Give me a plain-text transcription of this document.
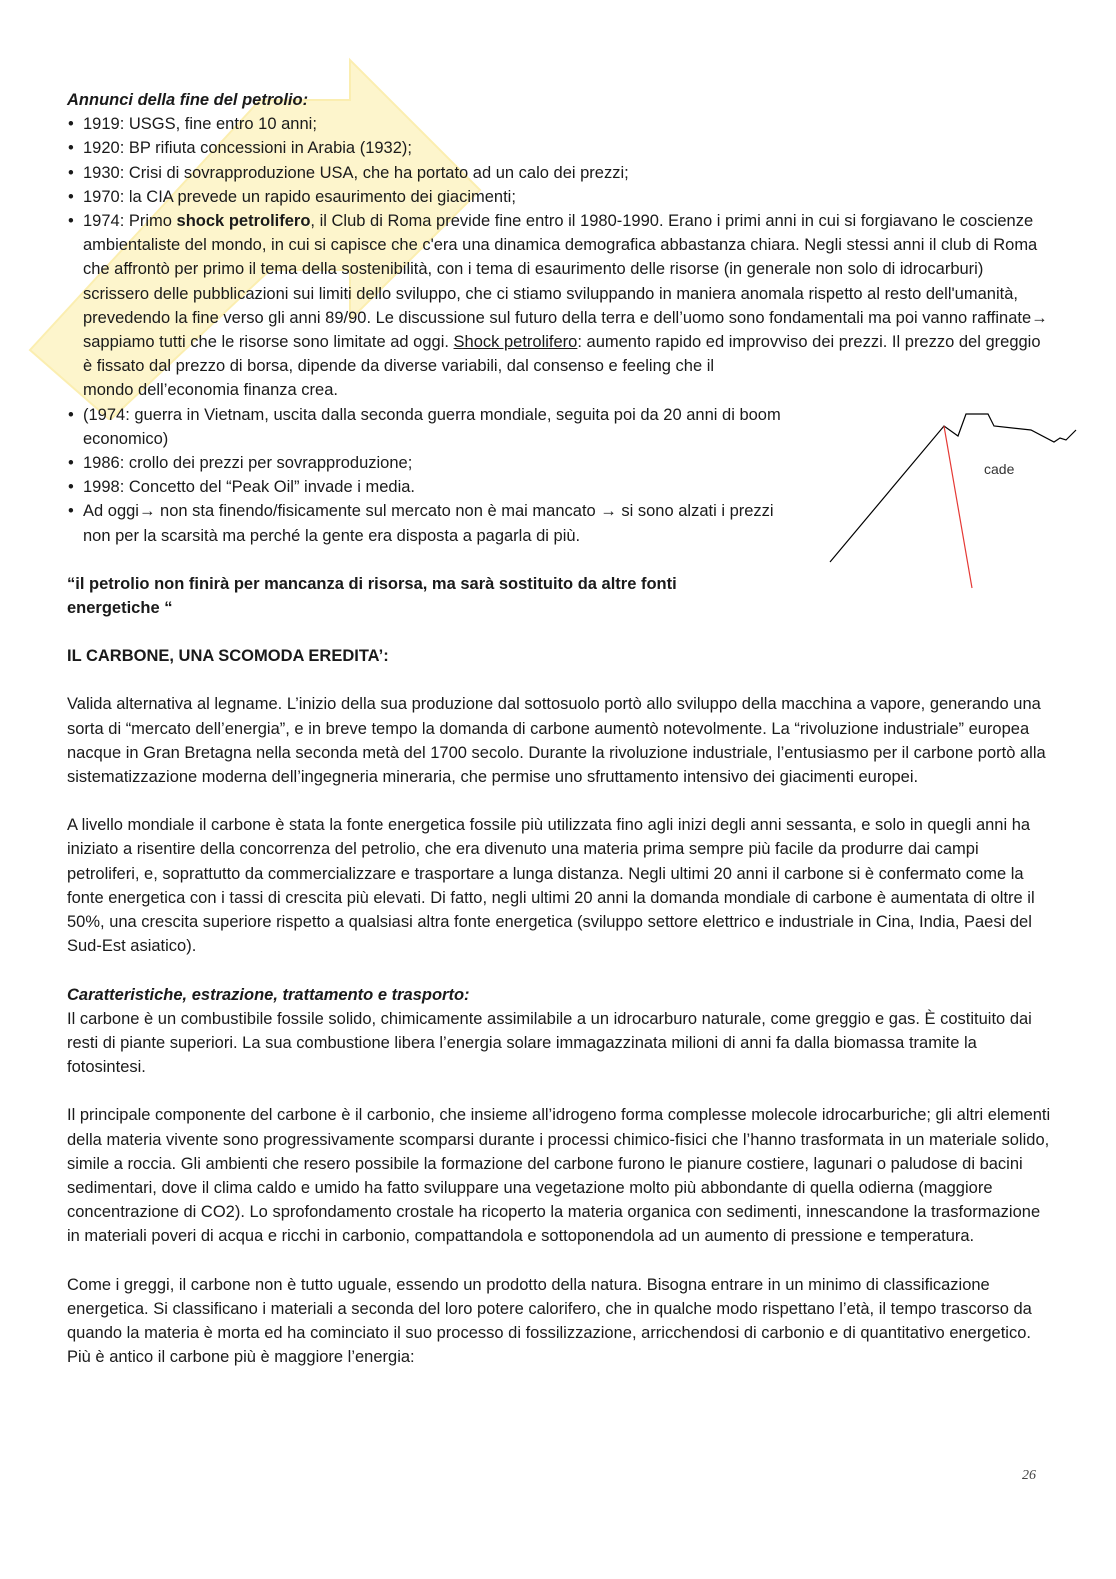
Annunci della fine del petrolio:

• 1919: USGS, fine entro 10 anni;
• 1920: BP rifiuta concessioni in Arabia (1932);
• 1930: Crisi di sovrapproduzione USA, che ha portato ad un calo dei prezzi;
• 1970: la CIA prevede un rapido esaurimento dei giacimenti;
• 1974: Primo shock petrolifero, il Club di Roma previde fine entro il 1980-1990. Erano i primi anni in cui si forgiavano le coscienze ambientaliste del mondo, in cui si capisce che c'era una dinamica demografica abbastanza chiara. Negli stessi anni il club di Roma che affrontò per primo il tema della sostenibilità, con i tema di esaurimento delle risorse (in generale non solo di idrocarburi) scrissero delle pubblicazioni sui limiti dello sviluppo, che ci stiamo sviluppando in maniera anomala rispetto al resto dell'umanità, prevedendo la fine verso gli anni 89/90. Le discussione sul futuro della terra e dell’uomo sono fondamentali ma poi vanno raffinate→ sappiamo tutti che le risorse sono limitate ad oggi. Shock petrolifero: aumento rapido ed improvviso dei prezzi. Il prezzo del greggio è fissato dal prezzo di borsa, dipende da diverse variabili, dal consenso e feeling che il
mondo dell’economia finanza crea.
• (1974: guerra in Vietnam, uscita dalla seconda guerra mondiale, seguita poi da 20 anni di boom economico)
• 1986: crollo dei prezzi per sovrapproduzione;
• 1998: Concetto del “Peak Oil” invade i media.
• Ad oggi→ non sta finendo/fisicamente sul mercato non è mai mancato → si sono alzati i prezzi non per la scarsità ma perché la gente era disposta a pagarla di più.

“il petrolio non finirà per mancanza di risorsa, ma sarà sostituito da altre fonti energetiche “

IL CARBONE, UNA SCOMODA EREDITA’:

Valida alternativa al legname. L’inizio della sua produzione dal sottosuolo portò allo sviluppo della macchina a vapore, generando una sorta di “mercato dell’energia”, e in breve tempo la domanda di carbone aumentò notevolmente. La “rivoluzione industriale” europea nacque in Gran Bretagna nella seconda metà del 1700 secolo. Durante la rivoluzione industriale, l’entusiasmo per il carbone portò alla sistematizzazione moderna dell’ingegneria mineraria, che permise uno sfruttamento intensivo dei giacimenti europei.

A livello mondiale il carbone è stata la fonte energetica fossile più utilizzata fino agli inizi degli anni sessanta, e solo in quegli anni ha iniziato a risentire della concorrenza del petrolio, che era divenuto una materia prima sempre più facile da produrre dai campi petroliferi, e, soprattutto da commercializzare e trasportare a lunga distanza. Negli ultimi 20 anni il carbone si è confermato come la fonte energetica con i tassi di crescita più elevati. Di fatto, negli ultimi 20 anni la domanda mondiale di carbone è aumentata di oltre il 50%, una crescita superiore rispetto a qualsiasi altra fonte energetica (sviluppo settore elettrico e industriale in Cina, India, Paesi del Sud-Est asiatico).

Caratteristiche, estrazione, trattamento e trasporto:

Il carbone è un combustibile fossile solido, chimicamente assimilabile a un idrocarburo naturale, come greggio e gas. È costituito dai resti di piante superiori. La sua combustione libera l’energia solare immagazzinata milioni di anni fa dalla biomassa tramite la fotosintesi.

Il principale componente del carbone è il carbonio, che insieme all’idrogeno forma complesse molecole idrocarburiche; gli altri elementi della materia vivente sono progressivamente scomparsi durante i processi chimico-fisici che l’hanno trasformata in un materiale solido, simile a roccia. Gli ambienti che resero possibile la formazione del carbone furono le pianure costiere, lagunari o paludose di bacini sedimentari, dove il clima caldo e umido ha fatto sviluppare una vegetazione molto più abbondante di quella odierna (maggiore concentrazione di CO2). Lo sprofondamento crostale ha ricoperto la materia organica con sedimenti, innescandone la trasformazione in materiali poveri di acqua e ricchi in carbonio, compattandola e sottoponendola ad un aumento di pressione e temperatura.

Come i greggi, il carbone non è tutto uguale, essendo un prodotto della natura. Bisogna entrare in un minimo di classificazione energetica. Si classificano i materiali a seconda del loro potere calorifero, che in qualche modo rispettano l’età, il tempo trascorso da quando la materia è morta ed ha cominciato il suo processo di fossilizzazione, arricchendosi di carbonio e di quantitativo energetico. Più è antico il carbone più è maggiore l’energia:

cade
26
